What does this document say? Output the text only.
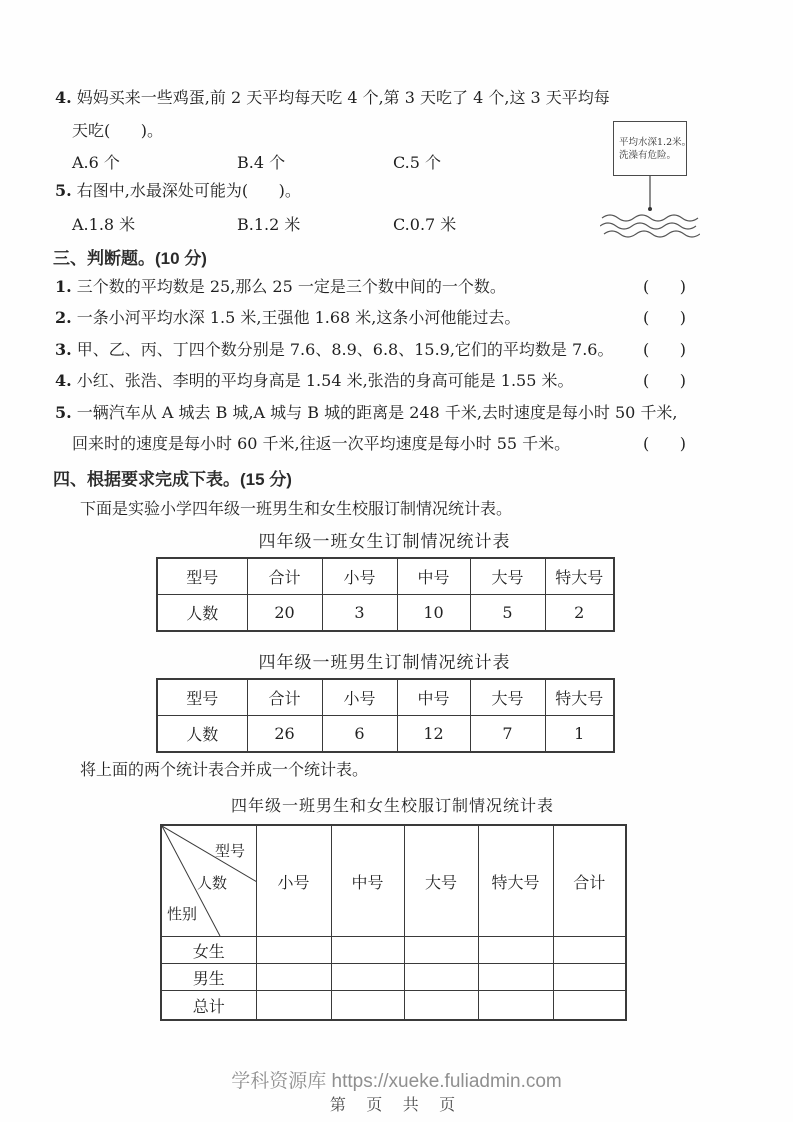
4. 妈妈买来一些鸡蛋,前 2 天平均每天吃 4 个,第 3 天吃了 4 个,这 3 天平均每
天吃(      )。
A.6 个	B.4 个	C.5 个
5. 右图中,水最深处可能为(      )。
A.1.8 米	B.1.2 米	C.0.7 米
平均水深1.2米。
洗澡有危险。
三、判断题。(10 分)
1. 三个数的平均数是 25,那么 25 一定是三个数中间的一个数。	(      )
2. 一条小河平均水深 1.5 米,王强他 1.68 米,这条小河他能过去。	(      )
3. 甲、乙、丙、丁四个数分别是 7.6、8.9、6.8、15.9,它们的平均数是 7.6。 (      )
4. 小红、张浩、李明的平均身高是 1.54 米,张浩的身高可能是 1.55 米。	(      )
5. 一辆汽车从 A 城去 B 城,A 城与 B 城的距离是 248 千米,去时速度是每小时 50 千米,
回来时的速度是每小时 60 千米,往返一次平均速度是每小时 55 千米。	(      )
四、根据要求完成下表。(15 分)
下面是实验小学四年级一班男生和女生校服订制情况统计表。
四年级一班女生订制情况统计表
型号	合计	小号	中号	大号	特大号
人数	20	3	10	5	2
四年级一班男生订制情况统计表
型号	合计	小号	中号	大号	特大号
人数	26	6	12	7	1
将上面的两个统计表合并成一个统计表。
四年级一班男生和女生校服订制情况统计表
型号
人数
性别	小号	中号	大号	特大号	合计
女生					
男生					
总计					
学科资源库 https://xueke.fuliadmin.com
第 页 共 页
